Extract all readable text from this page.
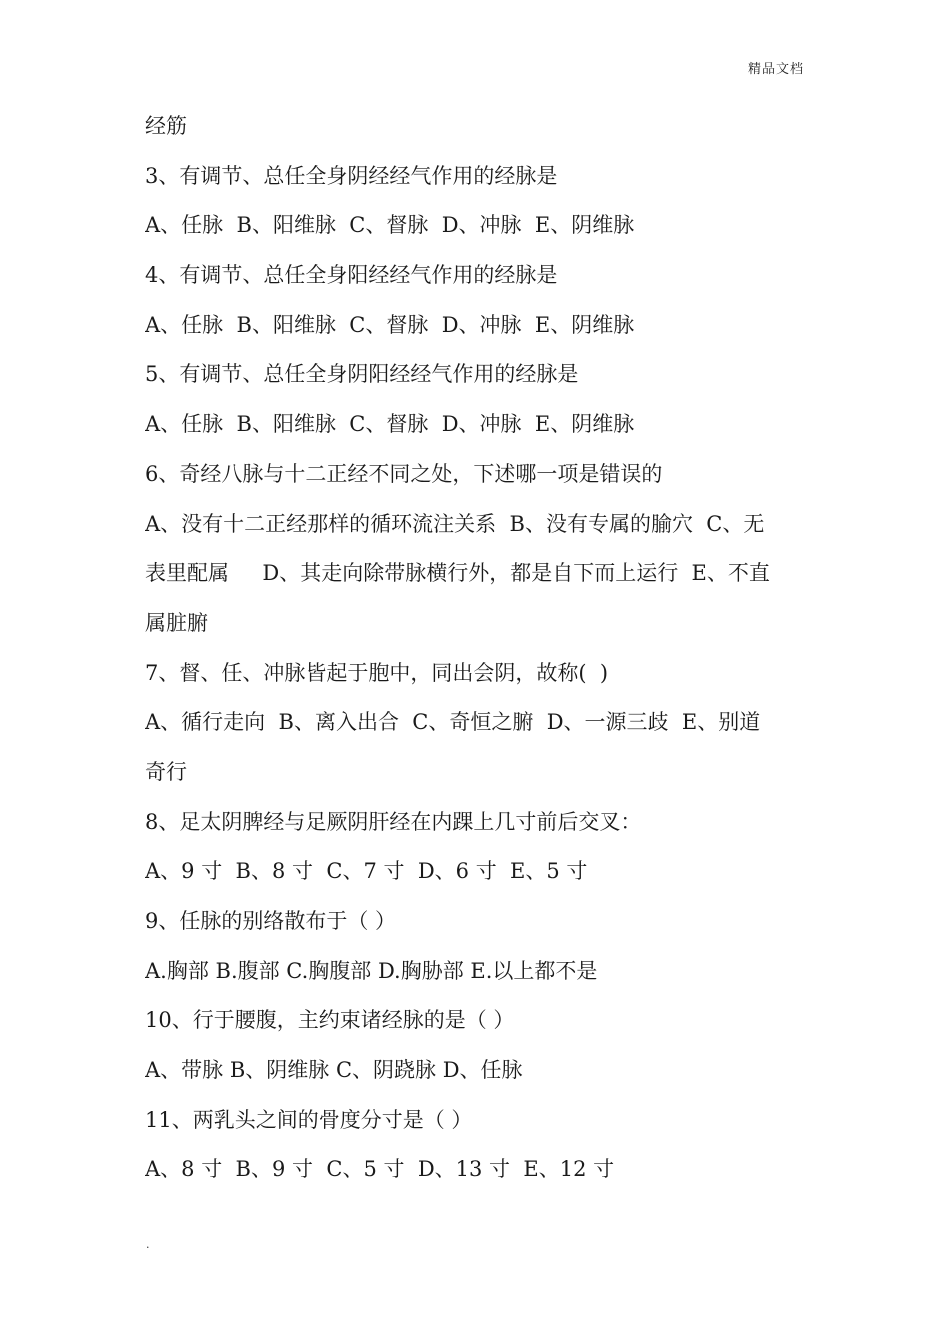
精品文档
经筋
3、有调节、总任全身阴经经气作用的经脉是
A、任脉  B、阳维脉  C、督脉  D、冲脉  E、阴维脉
4、有调节、总任全身阳经经气作用的经脉是
A、任脉  B、阳维脉  C、督脉  D、冲脉  E、阴维脉
5、有调节、总任全身阴阳经经气作用的经脉是
A、任脉  B、阳维脉  C、督脉  D、冲脉  E、阴维脉
6、奇经八脉与十二正经不同之处，下述哪一项是错误的
A、没有十二正经那样的循环流注关系  B、没有专属的腧穴  C、无
表里配属     D、其走向除带脉横行外，都是自下而上运行  E、不直
属脏腑
7、督、任、冲脉皆起于胞中，同出会阴，故称(  )
A、循行走向  B、离入出合  C、奇恒之腑  D、一源三歧  E、别道
奇行
8、足太阴脾经与足厥阴肝经在内踝上几寸前后交叉：
A、9 寸  B、8 寸  C、7 寸  D、6 寸  E、5 寸
9、任脉的别络散布于（ ）
A.胸部 B.腹部 C.胸腹部 D.胸胁部 E.以上都不是
10、行于腰腹，主约束诸经脉的是（ ）
A、带脉 B、阴维脉 C、阴跷脉 D、任脉
11、两乳头之间的骨度分寸是（ ）
A、8 寸  B、9 寸  C、5 寸  D、13 寸  E、12 寸
.
